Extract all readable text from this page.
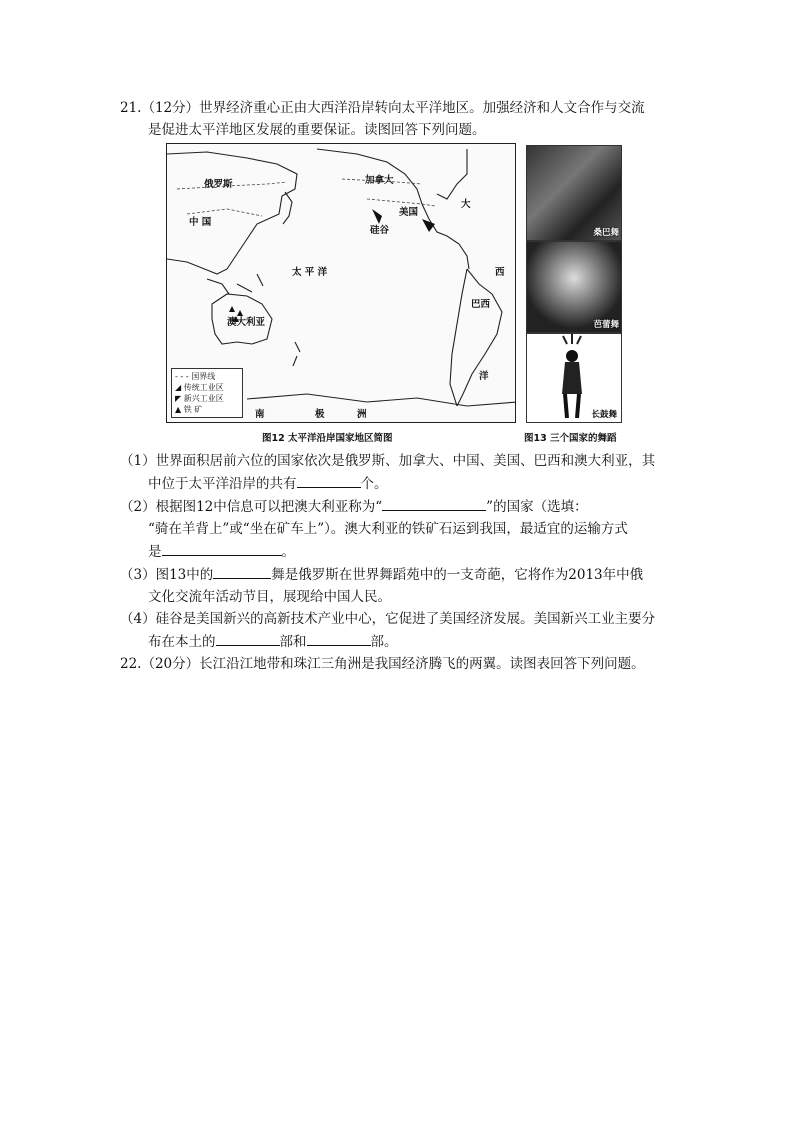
21.（12分）世界经济重心正由大西洋沿岸转向太平洋地区。加强经济和人文合作与交流

是促进太平洋地区发展的重要保证。读图回答下列问题。

俄罗斯
中 国
加拿大
美国
硅谷
太 平 洋
澳大利亚
大
西
巴西
洋
南	极	洲
- - - 国界线
◢ 传统工业区
◤ 新兴工业区
▲ 铁 矿
图12 太平洋沿岸国家地区简图
桑巴舞
芭蕾舞
长鼓舞
图13 三个国家的舞蹈

（1）世界面积居前六位的国家依次是俄罗斯、加拿大、中国、美国、巴西和澳大利亚，其

中位于太平洋沿岸的共有	个。

（2）根据图12中信息可以把澳大利亚称为“	”的国家（选填：

“骑在羊背上”或“坐在矿车上”）。澳大利亚的铁矿石运到我国，最适宜的运输方式

是	。

（3）图13中的	舞是俄罗斯在世界舞蹈苑中的一支奇葩，它将作为2013年中俄

文化交流年活动节目，展现给中国人民。

（4）硅谷是美国新兴的高新技术产业中心，它促进了美国经济发展。美国新兴工业主要分

布在本土的	部和	部。

22.（20分）长江沿江地带和珠江三角洲是我国经济腾飞的两翼。读图表回答下列问题。
